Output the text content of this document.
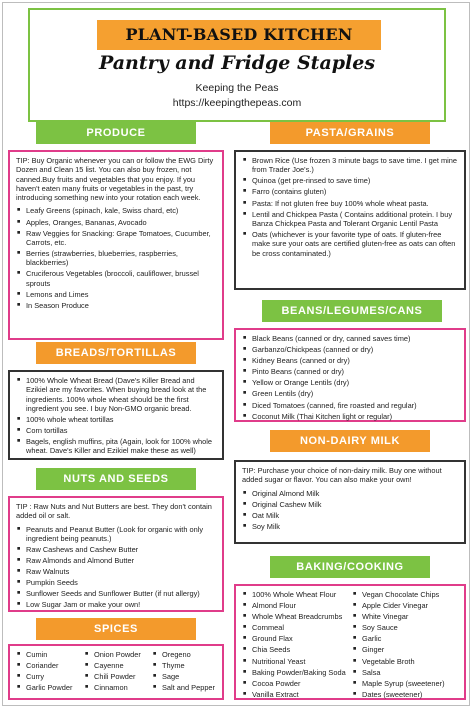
PLANT-BASED KITCHEN
Pantry and Fridge Staples
Keeping the Peas
https://keepingthepeas.com
PRODUCE
TIP: Buy Organic whenever you can or follow the EWG Dirty Dozen and Clean 15 list. You can also buy frozen, not canned.Buy fruits and vegetables that you enjoy. If you haven't eaten many fruits or vegetables in the past, try introducing something new into your rotation each week.
■ Leafy Greens (spinach, kale, Swiss chard, etc)
■ Apples, Oranges, Bananas, Avocado
■ Raw Veggies for Snacking: Grape Tomatoes, Cucumber, Carrots, etc.
■ Berries (strawberries, blueberries, raspberries, blackberries)
■ Cruciferous Vegetables (broccoli, cauliflower, brussel sprouts
■ Lemons and Limes
■ In Season Produce
BREADS/TORTILLAS
■ 100% Whole Wheat Bread (Dave's Killer Bread and Ezikiel are my favorites. When buying bread look at the ingredients. 100% whole wheat should be the first ingredient you see. I buy Non-GMO organic bread.
■ 100% whole wheat tortillas
■ Corn tortillas
■ Bagels, english muffins, pita (Again, look for 100% whole wheat. Dave's Killer and Ezikiel make these as well)
NUTS AND SEEDS
TIP : Raw Nuts and Nut Butters are best. They don't contain added oil or salt.
■ Peanuts and Peanut Butter (Look for organic with only ingredient being peanuts.)
■ Raw Cashews and Cashew Butter
■ Raw Almonds and Almond Butter
■ Raw Walnuts
■ Pumpkin Seeds
■ Sunflower Seeds and Sunflower Butter (if nut allergy)
■ Low Sugar Jam or make your own!
SPICES
■ Cumin
■ Coriander
■ Curry
■ Garlic Powder
■ Onion Powder
■ Cayenne
■ Chili Powder
■ Cinnamon
■ Oregeno
■ Thyme
■ Sage
■ Salt and Pepper
PASTA/GRAINS
■ Brown Rice (Use frozen 3 minute bags to save time. I get mine from Trader Joe's.)
■ Quinoa (get pre-rinsed to save time)
■ Farro (contains gluten)
■ Pasta: If not gluten free buy 100% whole wheat pasta.
■ Lentil and Chickpea Pasta ( Contains additional protein. I buy Banza Chickpea Pasta and Tolerant Organic Lentil Pasta
■ Oats (whichever is your favorite type of oats. If gluten-free make sure your oats are certified gluten-free as oats can often be cross contaminated.)
BEANS/LEGUMES/CANS
■ Black Beans (canned or dry, canned saves time)
■ Garbanzo/Chickpeas (canned or dry)
■ Kidney Beans (canned or dry)
■ Pinto Beans (canned or dry)
■ Yellow or Orange Lentils (dry)
■ Green Lentils (dry)
■ Diced Tomatoes (canned, fire roasted and regular)
■ Coconut Milk (Thai Kitchen light or regular)
NON-DAIRY MILK
TIP: Purchase your choice of non-dairy milk. Buy one without added sugar or flavor. You can also make your own!
■ Original Almond Milk
■ Original Cashew Milk
■ Oat Milk
■ Soy Milk
BAKING/COOKING
■ 100% Whole Wheat Flour
■ Almond Flour
■ Whole Wheat Breadcrumbs
■ Cornmeal
■ Ground Flax
■ Chia Seeds
■ Nutritional Yeast
■ Baking Powder/Baking Soda
■ Cocoa Powder
■ Vanilla Extract
■ Vegan Chocolate Chips
■ Apple Cider Vinegar
■ White Vinegar
■ Soy Sauce
■ Garlic
■ Ginger
■ Vegetable Broth
■ Salsa
■ Maple Syrup (sweetener)
■ Dates (sweetener)
